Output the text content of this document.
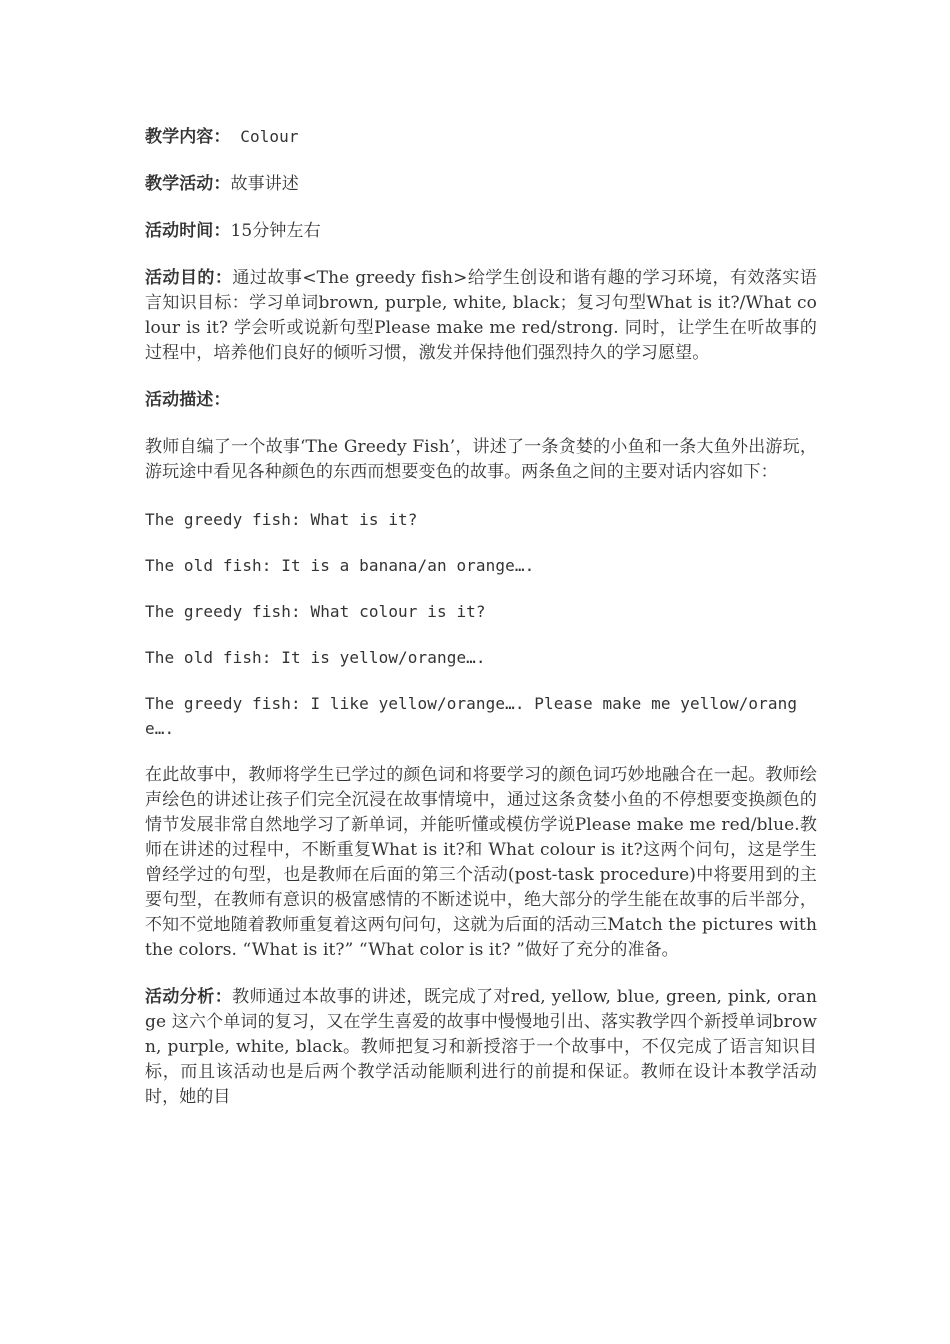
教学内容： Colour

教学活动：故事讲述

活动时间：15分钟左右

活动目的：通过故事<The greedy fish>给学生创设和谐有趣的学习环境，有效落实语言知识目标：学习单词brown, purple, white, black；复习句型What is it?/What colour is it? 学会听或说新句型Please make me red/strong. 同时，让学生在听故事的过程中，培养他们良好的倾听习惯，激发并保持他们强烈持久的学习愿望。

活动描述：

教师自编了一个故事‘The Greedy Fish’，讲述了一条贪婪的小鱼和一条大鱼外出游玩，游玩途中看见各种颜色的东西而想要变色的故事。两条鱼之间的主要对话内容如下：

The greedy fish: What is it?

The old fish: It is a banana/an orange….

The greedy fish: What colour is it?

The old fish: It is yellow/orange….

The greedy fish: I like yellow/orange…. Please make me yellow/orange….

在此故事中，教师将学生已学过的颜色词和将要学习的颜色词巧妙地融合在一起。教师绘声绘色的讲述让孩子们完全沉浸在故事情境中，通过这条贪婪小鱼的不停想要变换颜色的情节发展非常自然地学习了新单词，并能听懂或模仿学说Please make me red/blue.教师在讲述的过程中，不断重复What is it?和 What colour is it?这两个问句，这是学生曾经学过的句型，也是教师在后面的第三个活动(post-task procedure)中将要用到的主要句型，在教师有意识的极富感情的不断述说中，绝大部分的学生能在故事的后半部分，不知不觉地随着教师重复着这两句问句，这就为后面的活动三Match the pictures with the colors. “What is it?” “What color is it? ”做好了充分的准备。

活动分析：教师通过本故事的讲述，既完成了对red, yellow, blue, green, pink, orange 这六个单词的复习，又在学生喜爱的故事中慢慢地引出、落实教学四个新授单词brown, purple, white, black。教师把复习和新授溶于一个故事中，不仅完成了语言知识目标，而且该活动也是后两个教学活动能顺利进行的前提和保证。教师在设计本教学活动时，她的目
